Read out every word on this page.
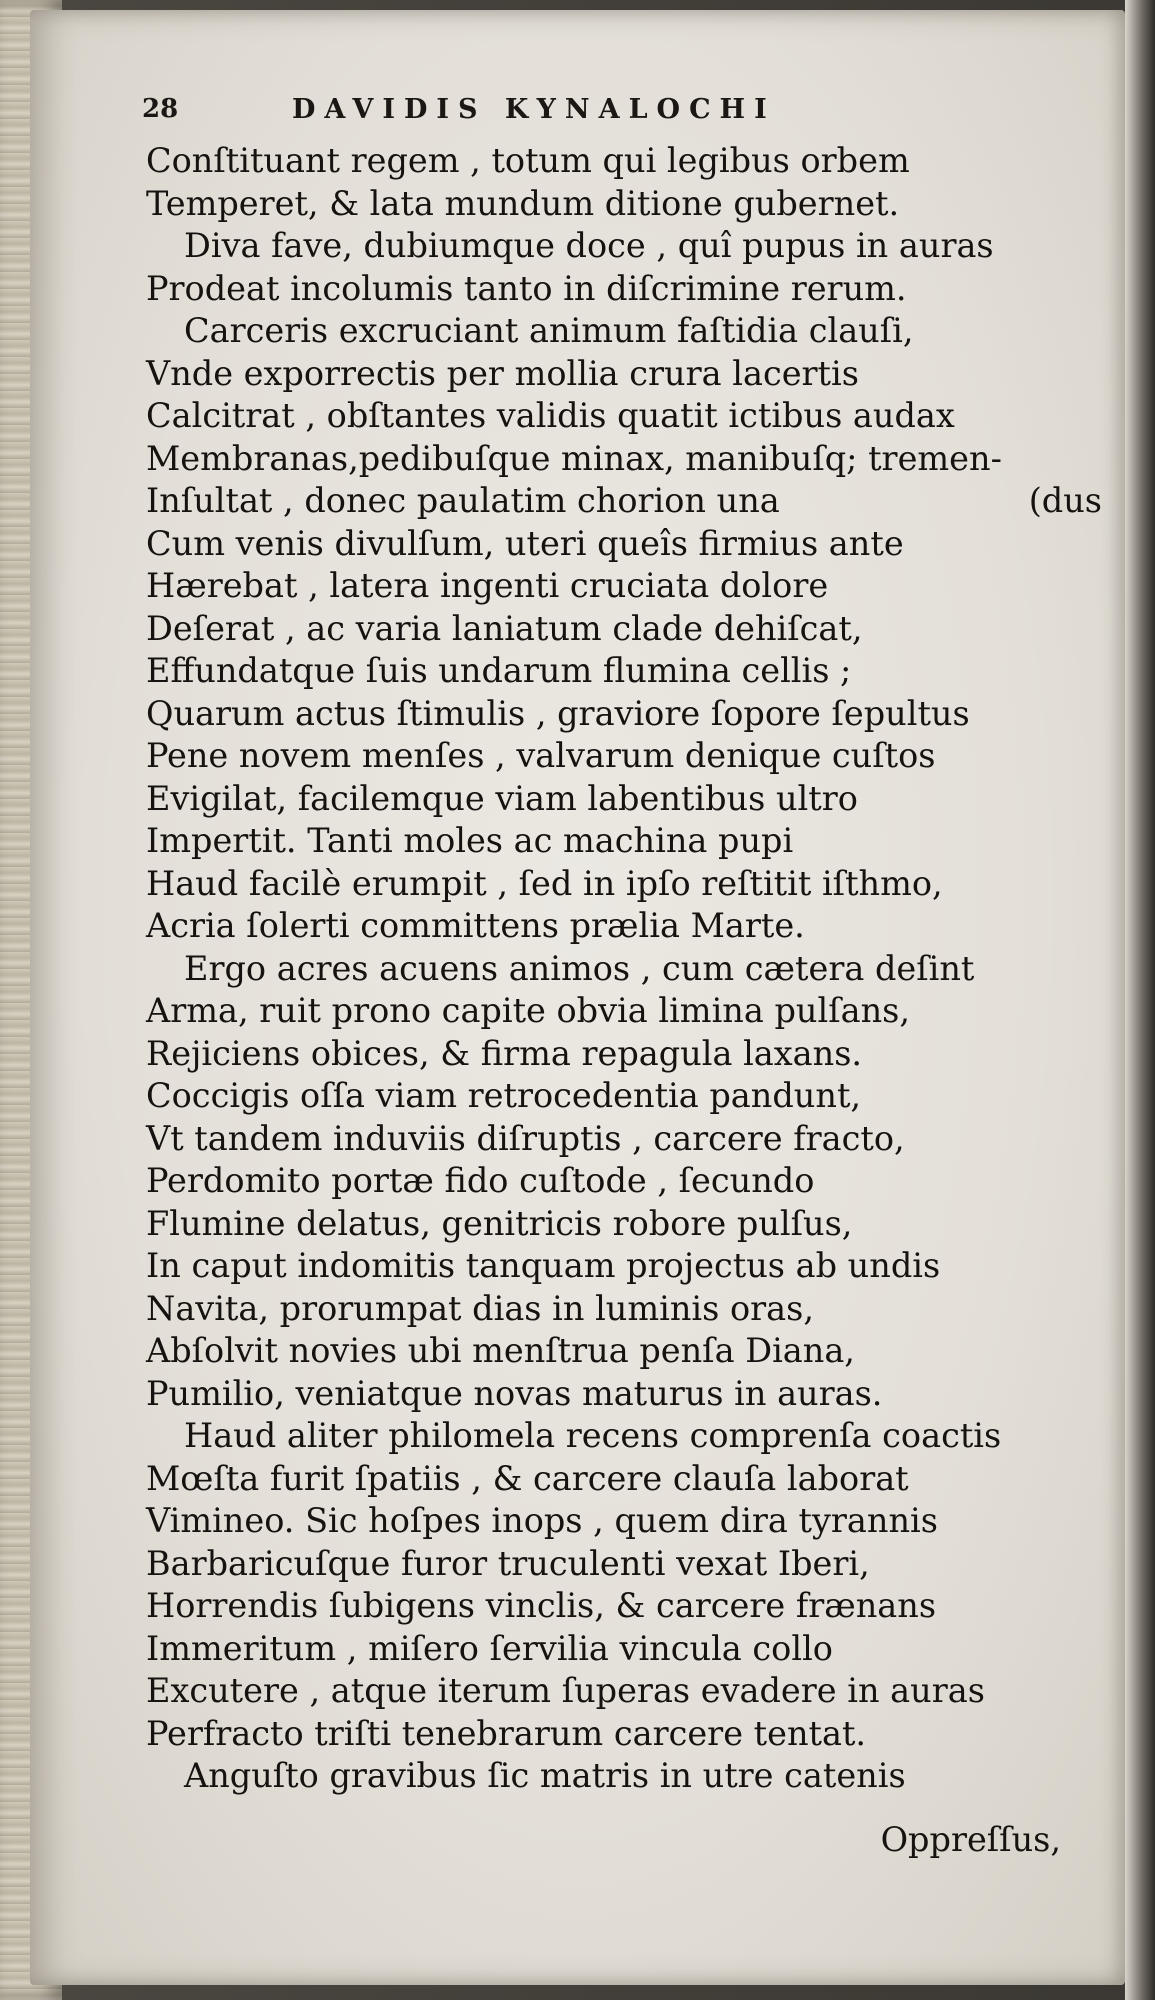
28	DAVIDIS KYNALOCHI
Conſtituant regem , totum qui legibus orbem
Temperet, & lata mundum ditione gubernet.
Diva fave, dubiumque doce , quî pupus in auras
Prodeat incolumis tanto in diſcrimine rerum.
Carceris excruciant animum faſtidia clauſi,
Vnde exporrectis per mollia crura lacertis
Calcitrat , obſtantes validis quatit ictibus audax
Membranas,pedibuſque minax, manibuſq; tremen-
Inſultat , donec paulatim chorion una	(dus
Cum venis divulſum, uteri queîs firmius ante
Hærebat , latera ingenti cruciata dolore
Deſerat , ac varia laniatum clade dehiſcat,
Effundatque ſuis undarum flumina cellis ;
Quarum actus ſtimulis , graviore ſopore ſepultus
Pene novem menſes , valvarum denique cuſtos
Evigilat, facilemque viam labentibus ultro
Impertit. Tanti moles ac machina pupi
Haud facilè erumpit , ſed in ipſo reſtitit iſthmo,
Acria ſolerti committens prælia Marte.
Ergo acres acuens animos , cum cætera deſint
Arma, ruit prono capite obvia limina pulſans,
Rejiciens obices, & firma repagula laxans.
Coccigis oſſa viam retrocedentia pandunt,
Vt tandem induviis diſruptis , carcere fracto,
Perdomito portæ fido cuſtode , ſecundo
Flumine delatus, genitricis robore pulſus,
In caput indomitis tanquam projectus ab undis
Navita, prorumpat dias in luminis oras,
Abſolvit novies ubi menſtrua penſa Diana,
Pumilio, veniatque novas maturus in auras.
Haud aliter philomela recens comprenſa coactis
Mœſta furit ſpatiis , & carcere clauſa laborat
Vimineo. Sic hoſpes inops , quem dira tyrannis
Barbaricuſque furor truculenti vexat Iberi,
Horrendis ſubigens vinclis, & carcere frænans
Immeritum , miſero ſervilia vincula collo
Excutere , atque iterum ſuperas evadere in auras
Perfracto triſti tenebrarum carcere tentat.
Anguſto gravibus ſic matris in utre catenis
Oppreſſus,
